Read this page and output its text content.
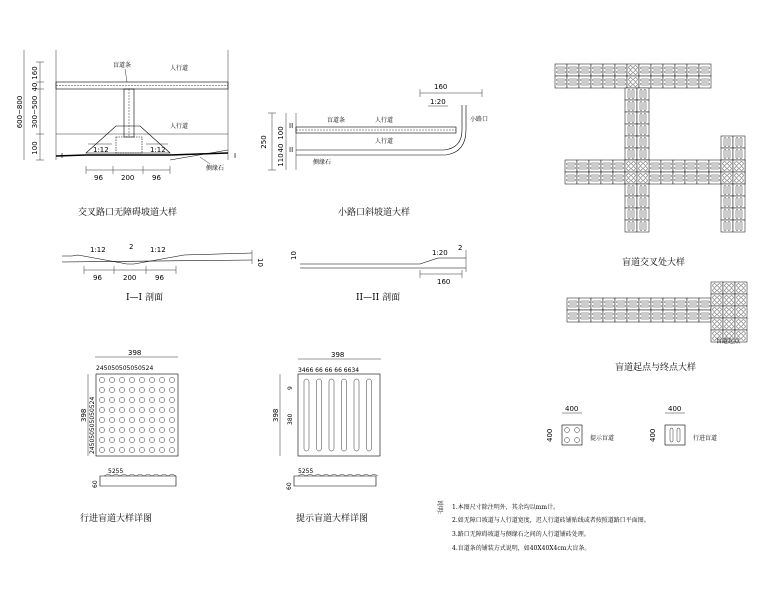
600~800
160
40
300~500
100	1:12	1:12
盲道条	人行道
人行道
侧缘石
I	I
96	200	96
交叉路口无障碍坡道大样
250
110
40
100
盲道条	人行道
人行道
侧缘石
小路口
160
1:20
II
II
小路口斜坡道大样
1:12	1:12
2
10
96	200	96
I—I 剖面
1:20
2
10
160
II—II 剖面
盲道交叉处大样
盲道起点
盲道起点与终点大样
398
245050505050524
398 245050505050524
5255
60
行进盲道大样详图
398
3466 66 66 66 6634
398 380
9
5255
60
提示盲道大样详图
400
400	提示盲道
400
400	行进盲道
说明: 1.本图尺寸除注明外，其余均以mm计。
2.如无障口坡道与人行道宽度，迟人行道砖铺贴线或者按照道路口平面图。
3.路口无障碍坡道与侧缘石之间的人行道铺砖处理。
4.盲道条的铺装方式说明，如40X40X4cm大盲条。
